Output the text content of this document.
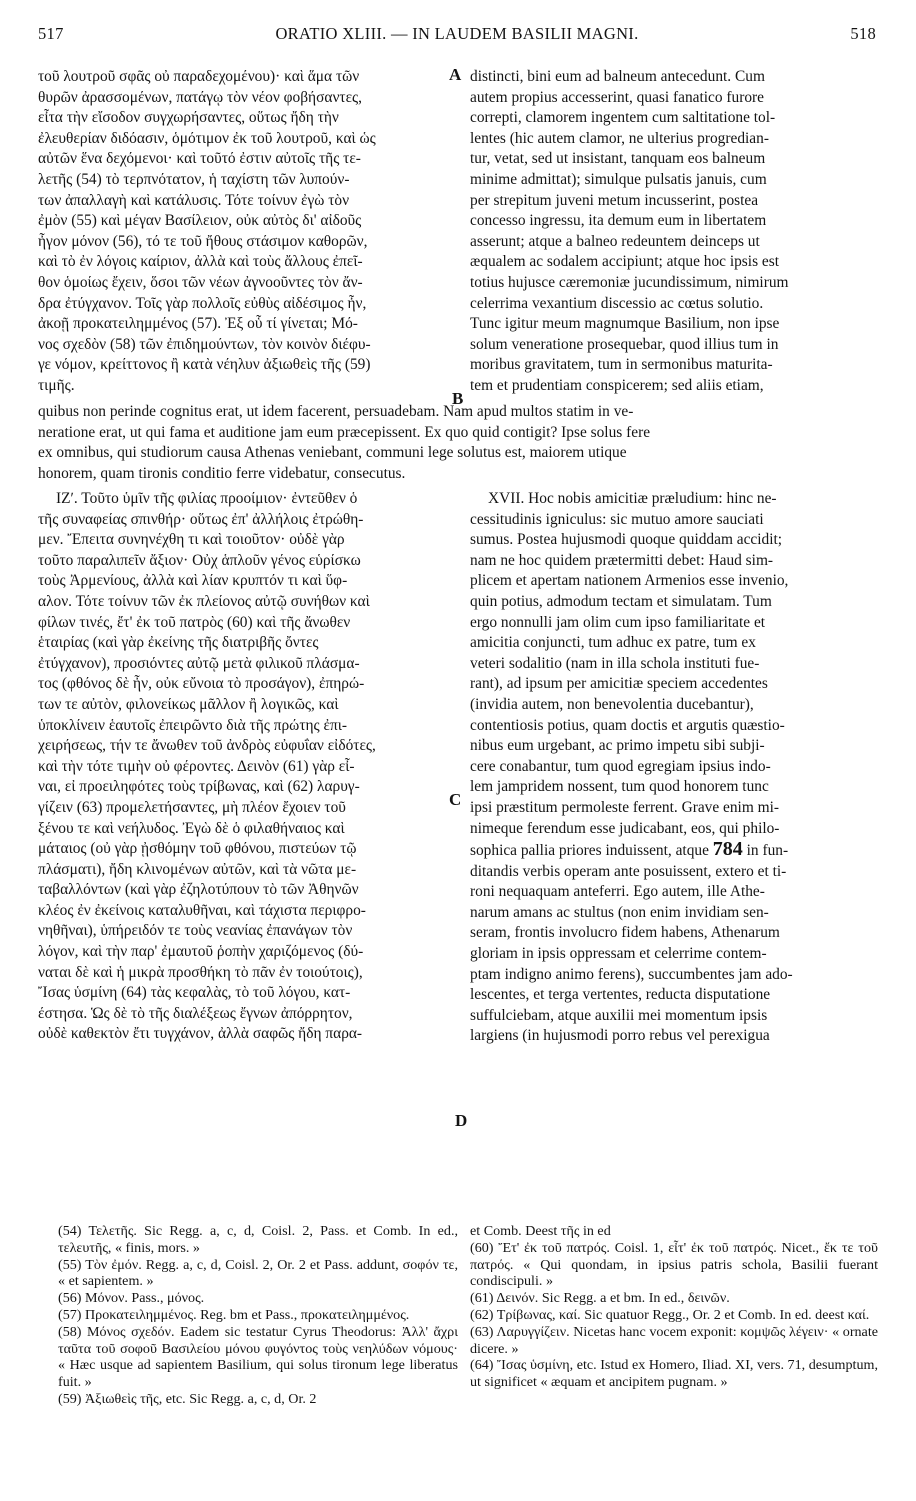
517	ORATIO XLIII. — IN LAUDEM BASILII MAGNI.	518
A
B
C
D

τοῦ λουτροῦ σφᾶς οὐ παραδεχομένου)· καὶ ἅμα τῶν

θυρῶν ἀρασσομένων, πατάγῳ τὸν νέον φοβήσαντες,

εἶτα τὴν εἴσοδον συγχωρήσαντες, οὕτως ἤδη τὴν

ἐλευθερίαν διδόασιν, ὁμότιμον ἐκ τοῦ λουτροῦ, καὶ ὡς

αὐτῶν ἕνα δεχόμενοι· καὶ τοῦτό ἐστιν αὐτοῖς τῆς τε-

λετῆς (54) τὸ τερπνότατον, ἡ ταχίστη τῶν λυπούν-

των ἀπαλλαγὴ καὶ κατάλυσις. Τότε τοίνυν ἐγὼ τὸν

ἐμὸν (55) καὶ μέγαν Βασίλειον, οὐκ αὐτὸς δι' αἰδοῦς

ἦγον μόνον (56), τό τε τοῦ ἤθους στάσιμον καθορῶν,

καὶ τὸ ἐν λόγοις καίριον, ἀλλὰ καὶ τοὺς ἄλλους ἐπεῖ-

θον ὁμοίως ἔχειν, ὅσοι τῶν νέων ἀγνοοῦντες τὸν ἄν-

δρα ἐτύγχανον. Τοῖς γὰρ πολλοῖς εὐθὺς αἰδέσιμος ἦν,

ἀκοῇ προκατειλημμένος (57). Ἐξ οὗ τί γίνεται; Μό-

νος σχεδὸν (58) τῶν ἐπιδημούντων, τὸν κοινὸν διέφυ-

γε νόμον, κρείττονος ἢ κατὰ νέηλυν ἀξιωθεὶς τῆς (59)

τιμῆς.

distincti, bini eum ad balneum antecedunt. Cum

autem propius accesserint, quasi fanatico furore

correpti, clamorem ingentem cum saltitatione tol-

lentes (hic autem clamor, ne ulterius progredian-

tur, vetat, sed ut insistant, tanquam eos balneum

minime admittat); simulque pulsatis januis, cum

per strepitum juveni metum incusserint, postea

concesso ingressu, ita demum eum in libertatem

asserunt; atque a balneo redeuntem deinceps ut

æqualem ac sodalem accipiunt; atque hoc ipsis est

totius hujusce cæremoniæ jucundissimum, nimirum

celerrima vexantium discessio ac cœtus solutio.

Tunc igitur meum magnumque Basilium, non ipse

solum veneratione prosequebar, quod illius tum in

moribus gravitatem, tum in sermonibus maturita-

tem et prudentiam conspicerem; sed aliis etiam,

quibus non perinde cognitus erat, ut idem facerent, persuadebam. Nam apud multos statim in ve-

neratione erat, ut qui fama et auditione jam eum præcepissent. Ex quo quid contigit? Ipse solus fere

ex omnibus, qui studiorum causa Athenas veniebant, communi lege solutus est, maiorem utique

honorem, quam tironis conditio ferre videbatur, consecutus.

ΙΖʹ. Τοῦτο ὑμῖν τῆς φιλίας προοίμιον· ἐντεῦθεν ὁ

τῆς συναφείας σπινθήρ· οὕτως ἐπ' ἀλλήλοις ἐτρώθη-

μεν. Ἔπειτα συνηνέχθη τι καὶ τοιοῦτον· οὐδὲ γὰρ

τοῦτο παραλιπεῖν ἄξιον· Οὐχ ἁπλοῦν γένος εὑρίσκω

τοὺς Ἀρμενίους, ἀλλὰ καὶ λίαν κρυπτόν τι καὶ ὕφ-

αλον. Τότε τοίνυν τῶν ἐκ πλείονος αὐτῷ συνήθων καὶ

φίλων τινές, ἔτ' ἐκ τοῦ πατρὸς (60) καὶ τῆς ἄνωθεν

ἑταιρίας (καὶ γὰρ ἐκείνης τῆς διατριβῆς ὄντες

ἐτύγχανον), προσιόντες αὐτῷ μετὰ φιλικοῦ πλάσμα-

τος (φθόνος δὲ ἦν, οὐκ εὔνοια τὸ προσάγον), ἐπηρώ-

των τε αὐτὸν, φιλονείκως μᾶλλον ἢ λογικῶς, καὶ

ὑποκλίνειν ἑαυτοῖς ἐπειρῶντο διὰ τῆς πρώτης ἐπι-

χειρήσεως, τήν τε ἄνωθεν τοῦ ἀνδρὸς εὐφυΐαν εἰδότες,

καὶ τὴν τότε τιμὴν οὐ φέροντες. Δεινὸν (61) γὰρ εἶ-

ναι, εἰ προειληφότες τοὺς τρίβωνας, καὶ (62) λαρυγ-

γίζειν (63) προμελετήσαντες, μὴ πλέον ἔχοιεν τοῦ

ξένου τε καὶ νεήλυδος. Ἐγὼ δὲ ὁ φιλαθήναιος καὶ

μάταιος (οὐ γὰρ ᾐσθόμην τοῦ φθόνου, πιστεύων τῷ

πλάσματι), ἤδη κλινομένων αὐτῶν, καὶ τὰ νῶτα με-

ταβαλλόντων (καὶ γὰρ ἐζηλοτύπουν τὸ τῶν Ἀθηνῶν

κλέος ἐν ἐκείνοις καταλυθῆναι, καὶ τάχιστα περιφρο-

νηθῆναι), ὑπήρειδόν τε τοὺς νεανίας ἐπανάγων τὸν

λόγον, καὶ τὴν παρ' ἐμαυτοῦ ῥοπὴν χαριζόμενος (δύ-

ναται δὲ καὶ ἡ μικρὰ προσθήκη τὸ πᾶν ἐν τοιούτοις),

Ἴσας ὑσμίνη (64) τὰς κεφαλὰς, τὸ τοῦ λόγου, κατ-

έστησα. Ὡς δὲ τὸ τῆς διαλέξεως ἔγνων ἀπόρρητον,

οὐδὲ καθεκτὸν ἔτι τυγχάνον, ἀλλὰ σαφῶς ἤδη παρα-

XVII. Hoc nobis amicitiæ præludium: hinc ne-

cessitudinis igniculus: sic mutuo amore sauciati

sumus. Postea hujusmodi quoque quiddam accidit;

nam ne hoc quidem prætermitti debet: Haud sim-

plicem et apertam nationem Armenios esse invenio,

quin potius, admodum tectam et simulatam. Tum

ergo nonnulli jam olim cum ipso familiaritate et

amicitia conjuncti, tum adhuc ex patre, tum ex

veteri sodalitio (nam in illa schola instituti fue-

rant), ad ipsum per amicitiæ speciem accedentes

(invidia autem, non benevolentia ducebantur),

contentiosis potius, quam doctis et argutis quæstio-

nibus eum urgebant, ac primo impetu sibi subji-

cere conabantur, tum quod egregiam ipsius indo-

lem jampridem nossent, tum quod honorem tunc

ipsi præstitum permoleste ferrent. Grave enim mi-

nimeque ferendum esse judicabant, eos, qui philo-

sophica pallia priores induissent, atque 784 in fun-

ditandis verbis operam ante posuissent, extero et ti-

roni nequaquam anteferri. Ego autem, ille Athe-

narum amans ac stultus (non enim invidiam sen-

seram, frontis involucro fidem habens, Athenarum

gloriam in ipsis oppressam et celerrime contem-

ptam indigno animo ferens), succumbentes jam ado-

lescentes, et terga vertentes, reducta disputatione

suffulciebam, atque auxilii mei momentum ipsis

largiens (in hujusmodi porro rebus vel perexigua

(54) Τελετῆς. Sic Regg. a, c, d, Coisl. 2, Pass. et Comb. In ed., τελευτῆς, « finis, mors. »

(55) Τὸν ἐμόν. Regg. a, c, d, Coisl. 2, Or. 2 et Pass. addunt, σοφόν τε, « et sapientem. »

(56) Μόνον. Pass., μόνος.

(57) Προκατειλημμένος. Reg. bm et Pass., προκατειλημμένος.

(58) Μόνος σχεδόν. Eadem sic testatur Cyrus Theodorus: Ἀλλ' ἄχρι ταῦτα τοῦ σοφοῦ Βασιλείου μόνου φυγόντος τοὺς νεηλύδων νόμους· « Hæc usque ad sapientem Basilium, qui solus tironum lege liberatus fuit. »

(59) Ἀξιωθεὶς τῆς, etc. Sic Regg. a, c, d, Or. 2

et Comb. Deest τῆς in ed

(60) Ἔτ' ἐκ τοῦ πατρός. Coisl. 1, εἶτ' ἐκ τοῦ πατρός. Nicet., ἔκ τε τοῦ πατρός. « Qui quondam, in ipsius patris schola, Basilii fuerant condiscipuli. »

(61) Δεινόν. Sic Regg. a et bm. In ed., δεινῶν.

(62) Τρίβωνας, καί. Sic quatuor Regg., Or. 2 et Comb. In ed. deest καί.

(63) Λαρυγγίζειν. Nicetas hanc vocem exponit: κομψῶς λέγειν· « ornate dicere. »

(64) Ἴσας ὑσμίνη, etc. Istud ex Homero, Iliad. XI, vers. 71, desumptum, ut significet « æquam et ancipitem pugnam. »
